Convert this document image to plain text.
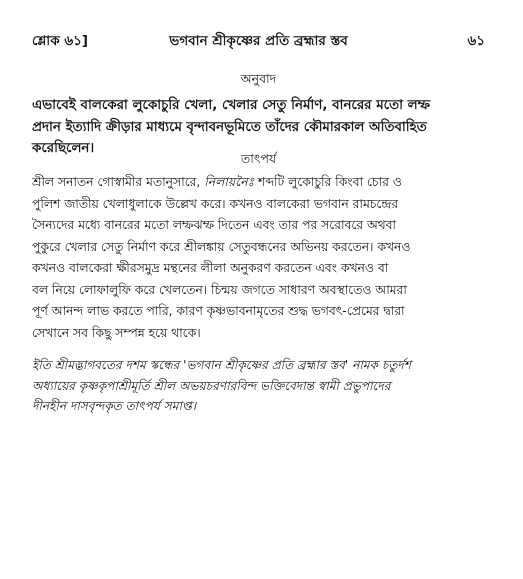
শ্লোক ৬১]	ভগবান শ্রীকৃষ্ণের প্রতি ব্রহ্মার স্তব	৬১
অনুবাদ
এভাবেই বালকেরা লুকোচুরি খেলা, খেলার সেতু নির্মাণ, বানরের মতো লম্ফ
প্রদান ইত্যাদি ক্রীড়ার মাধ্যমে বৃন্দাবনভূমিতে তাঁদের কৌমারকাল অতিবাহিত
করেছিলেন।
তাৎপর্য
শ্রীল সনাতন গোস্বামীর মতানুসারে, নিলায়নৈঃ শব্দটি লুকোচুরি কিংবা চোর ও
পুলিশ জাতীয় খেলাধুলাকে উল্লেখ করে। কখনও বালকেরা ভগবান রামচন্দ্রের
সৈন্যদের মধ্যে বানরের মতো লম্ফঝম্ফ দিতেন এবং তার পর সরোবরে অথবা
পুকুরে খেলার সেতু নির্মাণ করে শ্রীলঙ্কায় সেতুবন্ধনের অভিনয় করতেন। কখনও
কখনও বালকেরা ক্ষীরসমুদ্র মন্থনের লীলা অনুকরণ করতেন এবং কখনও বা
বল নিয়ে লোফালুফি করে খেলতেন। চিন্ময় জগতে সাধারণ অবস্থাতেও আমরা
পূর্ণ আনন্দ লাভ করতে পারি, কারণ কৃষ্ণভাবনামৃতের শুদ্ধ ভগবৎ-প্রেমের দ্বারা
সেখানে সব কিছু সম্পন্ন হয়ে থাকে।
ইতি শ্রীমদ্ভাগবতের দশম স্কন্ধের 'ভগবান শ্রীকৃষ্ণের প্রতি ব্রহ্মার স্তব' নামক চতুর্দশ
অধ্যায়ের কৃষ্ণকৃপাশ্রীমূর্তি শ্রীল অভয়চরণারবিন্দ ভক্তিবেদান্ত স্বামী প্রভুপাদের
দীনহীন দাসবৃন্দকৃত তাৎপর্য সমাপ্ত।
